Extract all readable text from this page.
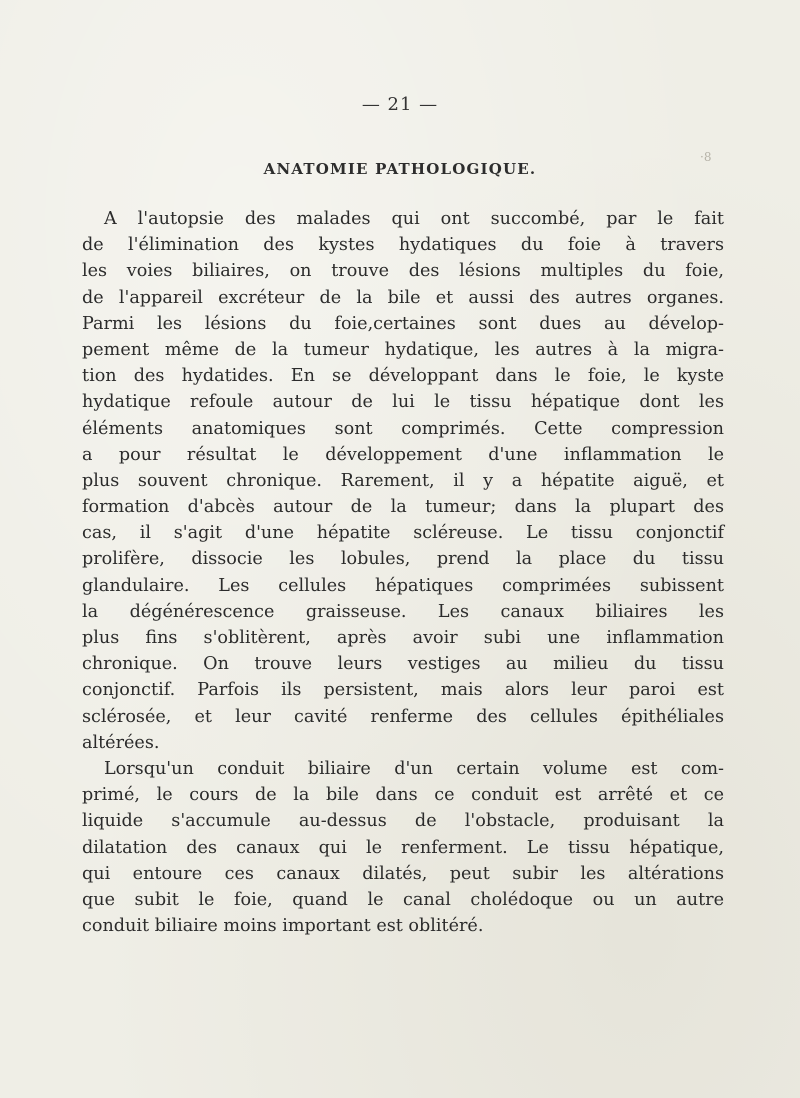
— 21 —
·8
ANATOMIE PATHOLOGIQUE.
A l'autopsie des malades qui ont succombé, par le fait
de l'élimination des kystes hydatiques du foie à travers
les voies biliaires, on trouve des lésions multiples du foie,
de l'appareil excréteur de la bile et aussi des autres organes.
Parmi les lésions du foie,certaines sont dues au dévelop-
pement même de la tumeur hydatique, les autres à la migra-
tion des hydatides. En se développant dans le foie, le kyste
hydatique refoule autour de lui le tissu hépatique dont les
éléments anatomiques sont comprimés. Cette compression
a pour résultat le développement d'une inflammation le
plus souvent chronique. Rarement, il y a hépatite aiguë, et
formation d'abcès autour de la tumeur; dans la plupart des
cas, il s'agit d'une hépatite scléreuse. Le tissu conjonctif
prolifère, dissocie les lobules, prend la place du tissu
glandulaire. Les cellules hépatiques comprimées subissent
la dégénérescence graisseuse. Les canaux biliaires les
plus fins s'oblitèrent, après avoir subi une inflammation
chronique. On trouve leurs vestiges au milieu du tissu
conjonctif. Parfois ils persistent, mais alors leur paroi est
sclérosée, et leur cavité renferme des cellules épithéliales
altérées.
Lorsqu'un conduit biliaire d'un certain volume est com-
primé, le cours de la bile dans ce conduit est arrêté et ce
liquide s'accumule au-dessus de l'obstacle, produisant la
dilatation des canaux qui le renferment. Le tissu hépatique,
qui entoure ces canaux dilatés, peut subir les altérations
que subit le foie, quand le canal cholédoque ou un autre
conduit biliaire moins important est oblitéré.
